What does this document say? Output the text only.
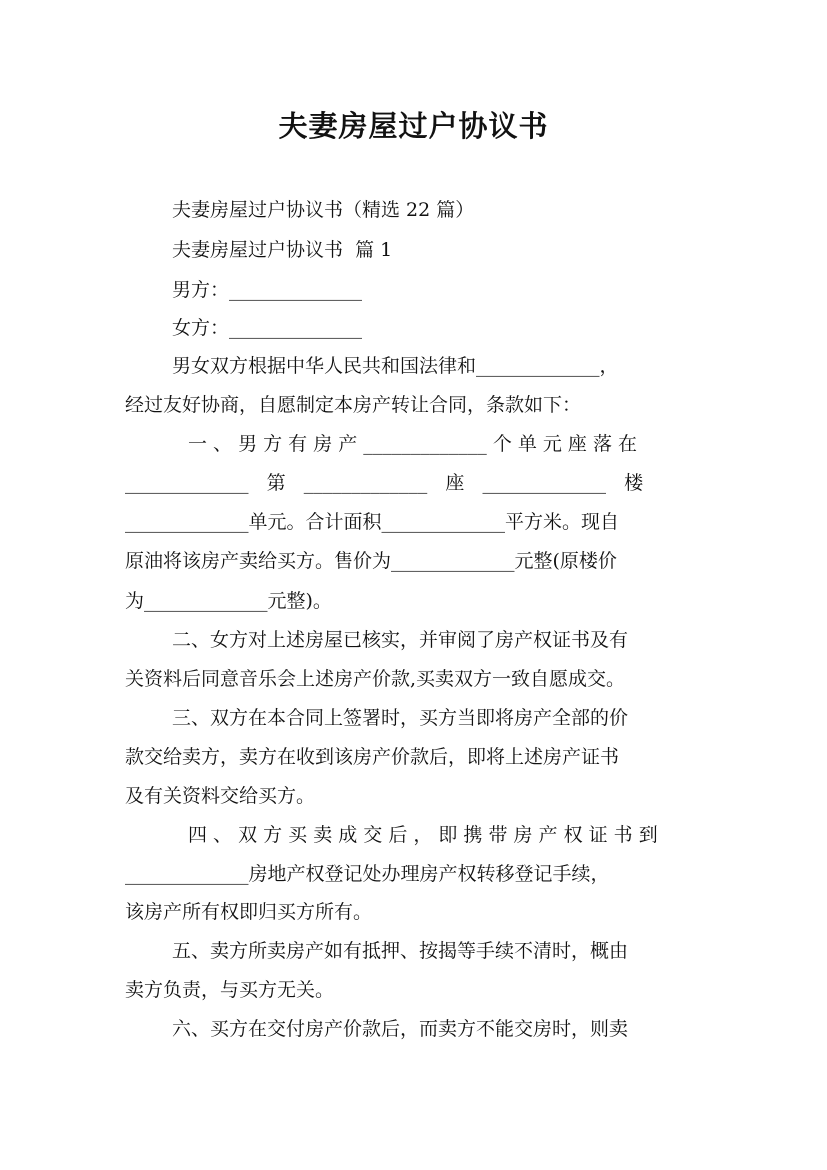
夫妻房屋过户协议书
夫妻房屋过户协议书（精选 22 篇）
夫妻房屋过户协议书  篇 1
男方：______________
女方：______________
男女双方根据中华人民共和国法律和_____________，
经过友好协商，自愿制定本房产转让合同，条款如下：
一 、 男 方 有 房 产 _____________ 个 单 元 座 落 在
_____________   第   _____________   座   _____________   楼
_____________单元。合计面积_____________平方米。现自
原油将该房产卖给买方。售价为_____________元整(原楼价
为_____________元整)。
二、女方对上述房屋已核实，并审阅了房产权证书及有
关资料后同意音乐会上述房产价款,买卖双方一致自愿成交。
三、双方在本合同上签署时，买方当即将房产全部的价
款交给卖方，卖方在收到该房产价款后，即将上述房产证书
及有关资料交给买方。
四 、 双 方 买 卖 成 交 后 ， 即 携 带 房 产 权 证 书 到
_____________房地产权登记处办理房产权转移登记手续，
该房产所有权即归买方所有。
五、卖方所卖房产如有抵押、按揭等手续不清时，概由
卖方负责，与买方无关。
六、买方在交付房产价款后，而卖方不能交房时，则卖
